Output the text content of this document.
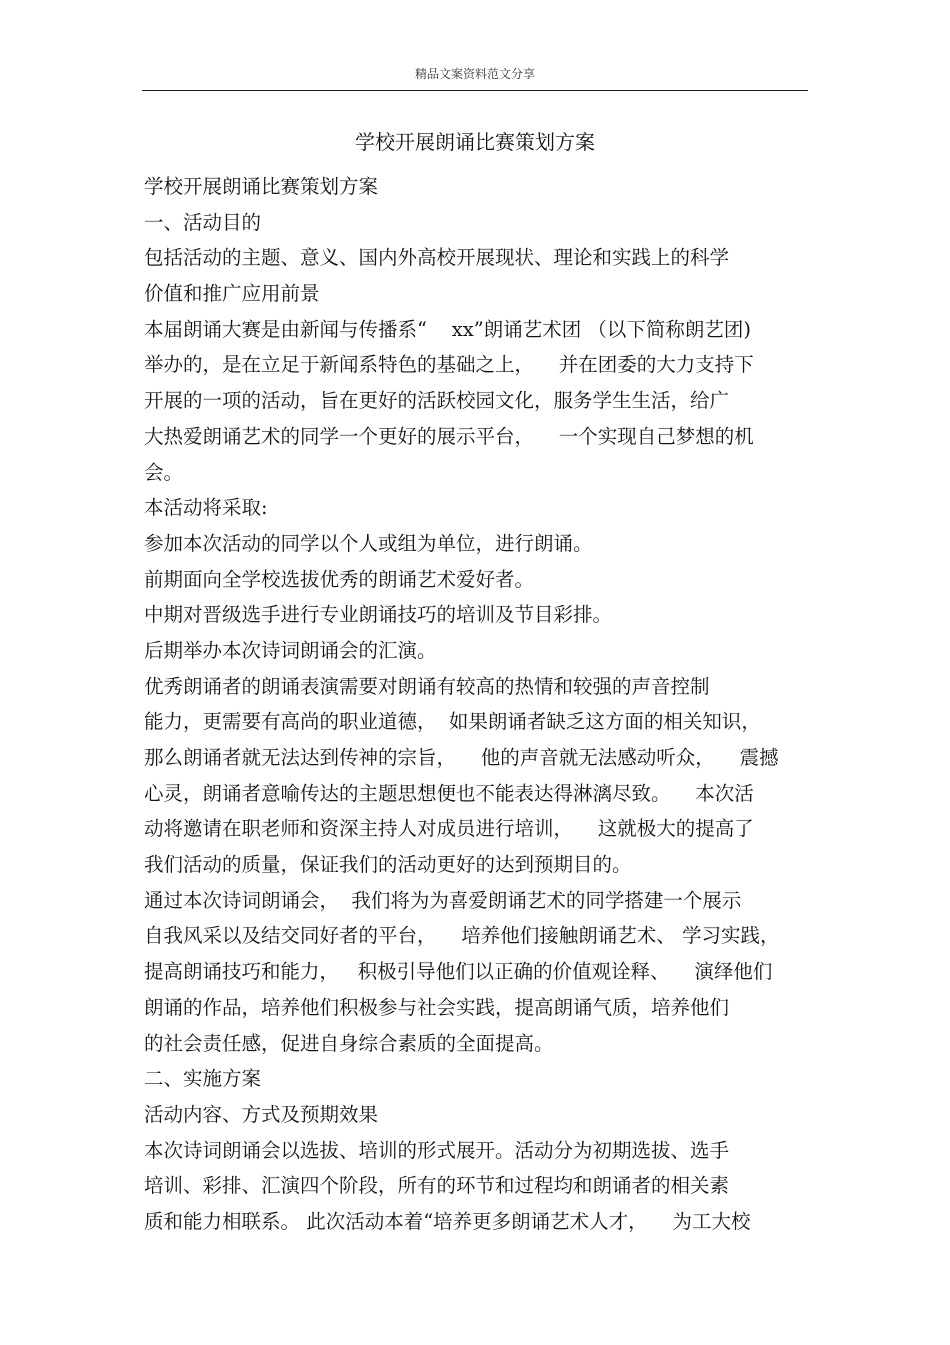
精品文案资料范文分享
学校开展朗诵比赛策划方案
学校开展朗诵比赛策划方案
一、活动目的
包括活动的主题、意义、国内外高校开展现状、理论和实践上的科学
价值和推广应用前景
本届朗诵大赛是由新闻与传播系“    xx”朗诵艺术团 （以下简称朗艺团)
举办的，是在立足于新闻系特色的基础之上，    并在团委的大力支持下
开展的一项的活动，旨在更好的活跃校园文化，服务学生生活，给广
大热爱朗诵艺术的同学一个更好的展示平台，    一个实现自己梦想的机
会。
本活动将采取:
参加本次活动的同学以个人或组为单位，进行朗诵。
前期面向全学校选拔优秀的朗诵艺术爱好者。
中期对晋级选手进行专业朗诵技巧的培训及节目彩排。
后期举办本次诗词朗诵会的汇演。
优秀朗诵者的朗诵表演需要对朗诵有较高的热情和较强的声音控制
能力，更需要有高尚的职业道德，  如果朗诵者缺乏这方面的相关知识，
那么朗诵者就无法达到传神的宗旨，    他的声音就无法感动听众，    震撼
心灵，朗诵者意喻传达的主题思想便也不能表达得淋漓尽致。    本次活
动将邀请在职老师和资深主持人对成员进行培训，    这就极大的提高了
我们活动的质量，保证我们的活动更好的达到预期目的。
通过本次诗词朗诵会，  我们将为为喜爱朗诵艺术的同学搭建一个展示
自我风采以及结交同好者的平台，    培养他们接触朗诵艺术、 学习实践，
提高朗诵技巧和能力，   积极引导他们以正确的价值观诠释、    演绎他们
朗诵的作品，培养他们积极参与社会实践，提高朗诵气质，培养他们
的社会责任感，促进自身综合素质的全面提高。
二、实施方案
活动内容、方式及预期效果
本次诗词朗诵会以选拔、培训的形式展开。活动分为初期选拔、选手
培训、彩排、汇演四个阶段，所有的环节和过程均和朗诵者的相关素
质和能力相联系。 此次活动本着“培养更多朗诵艺术人才，    为工大校
